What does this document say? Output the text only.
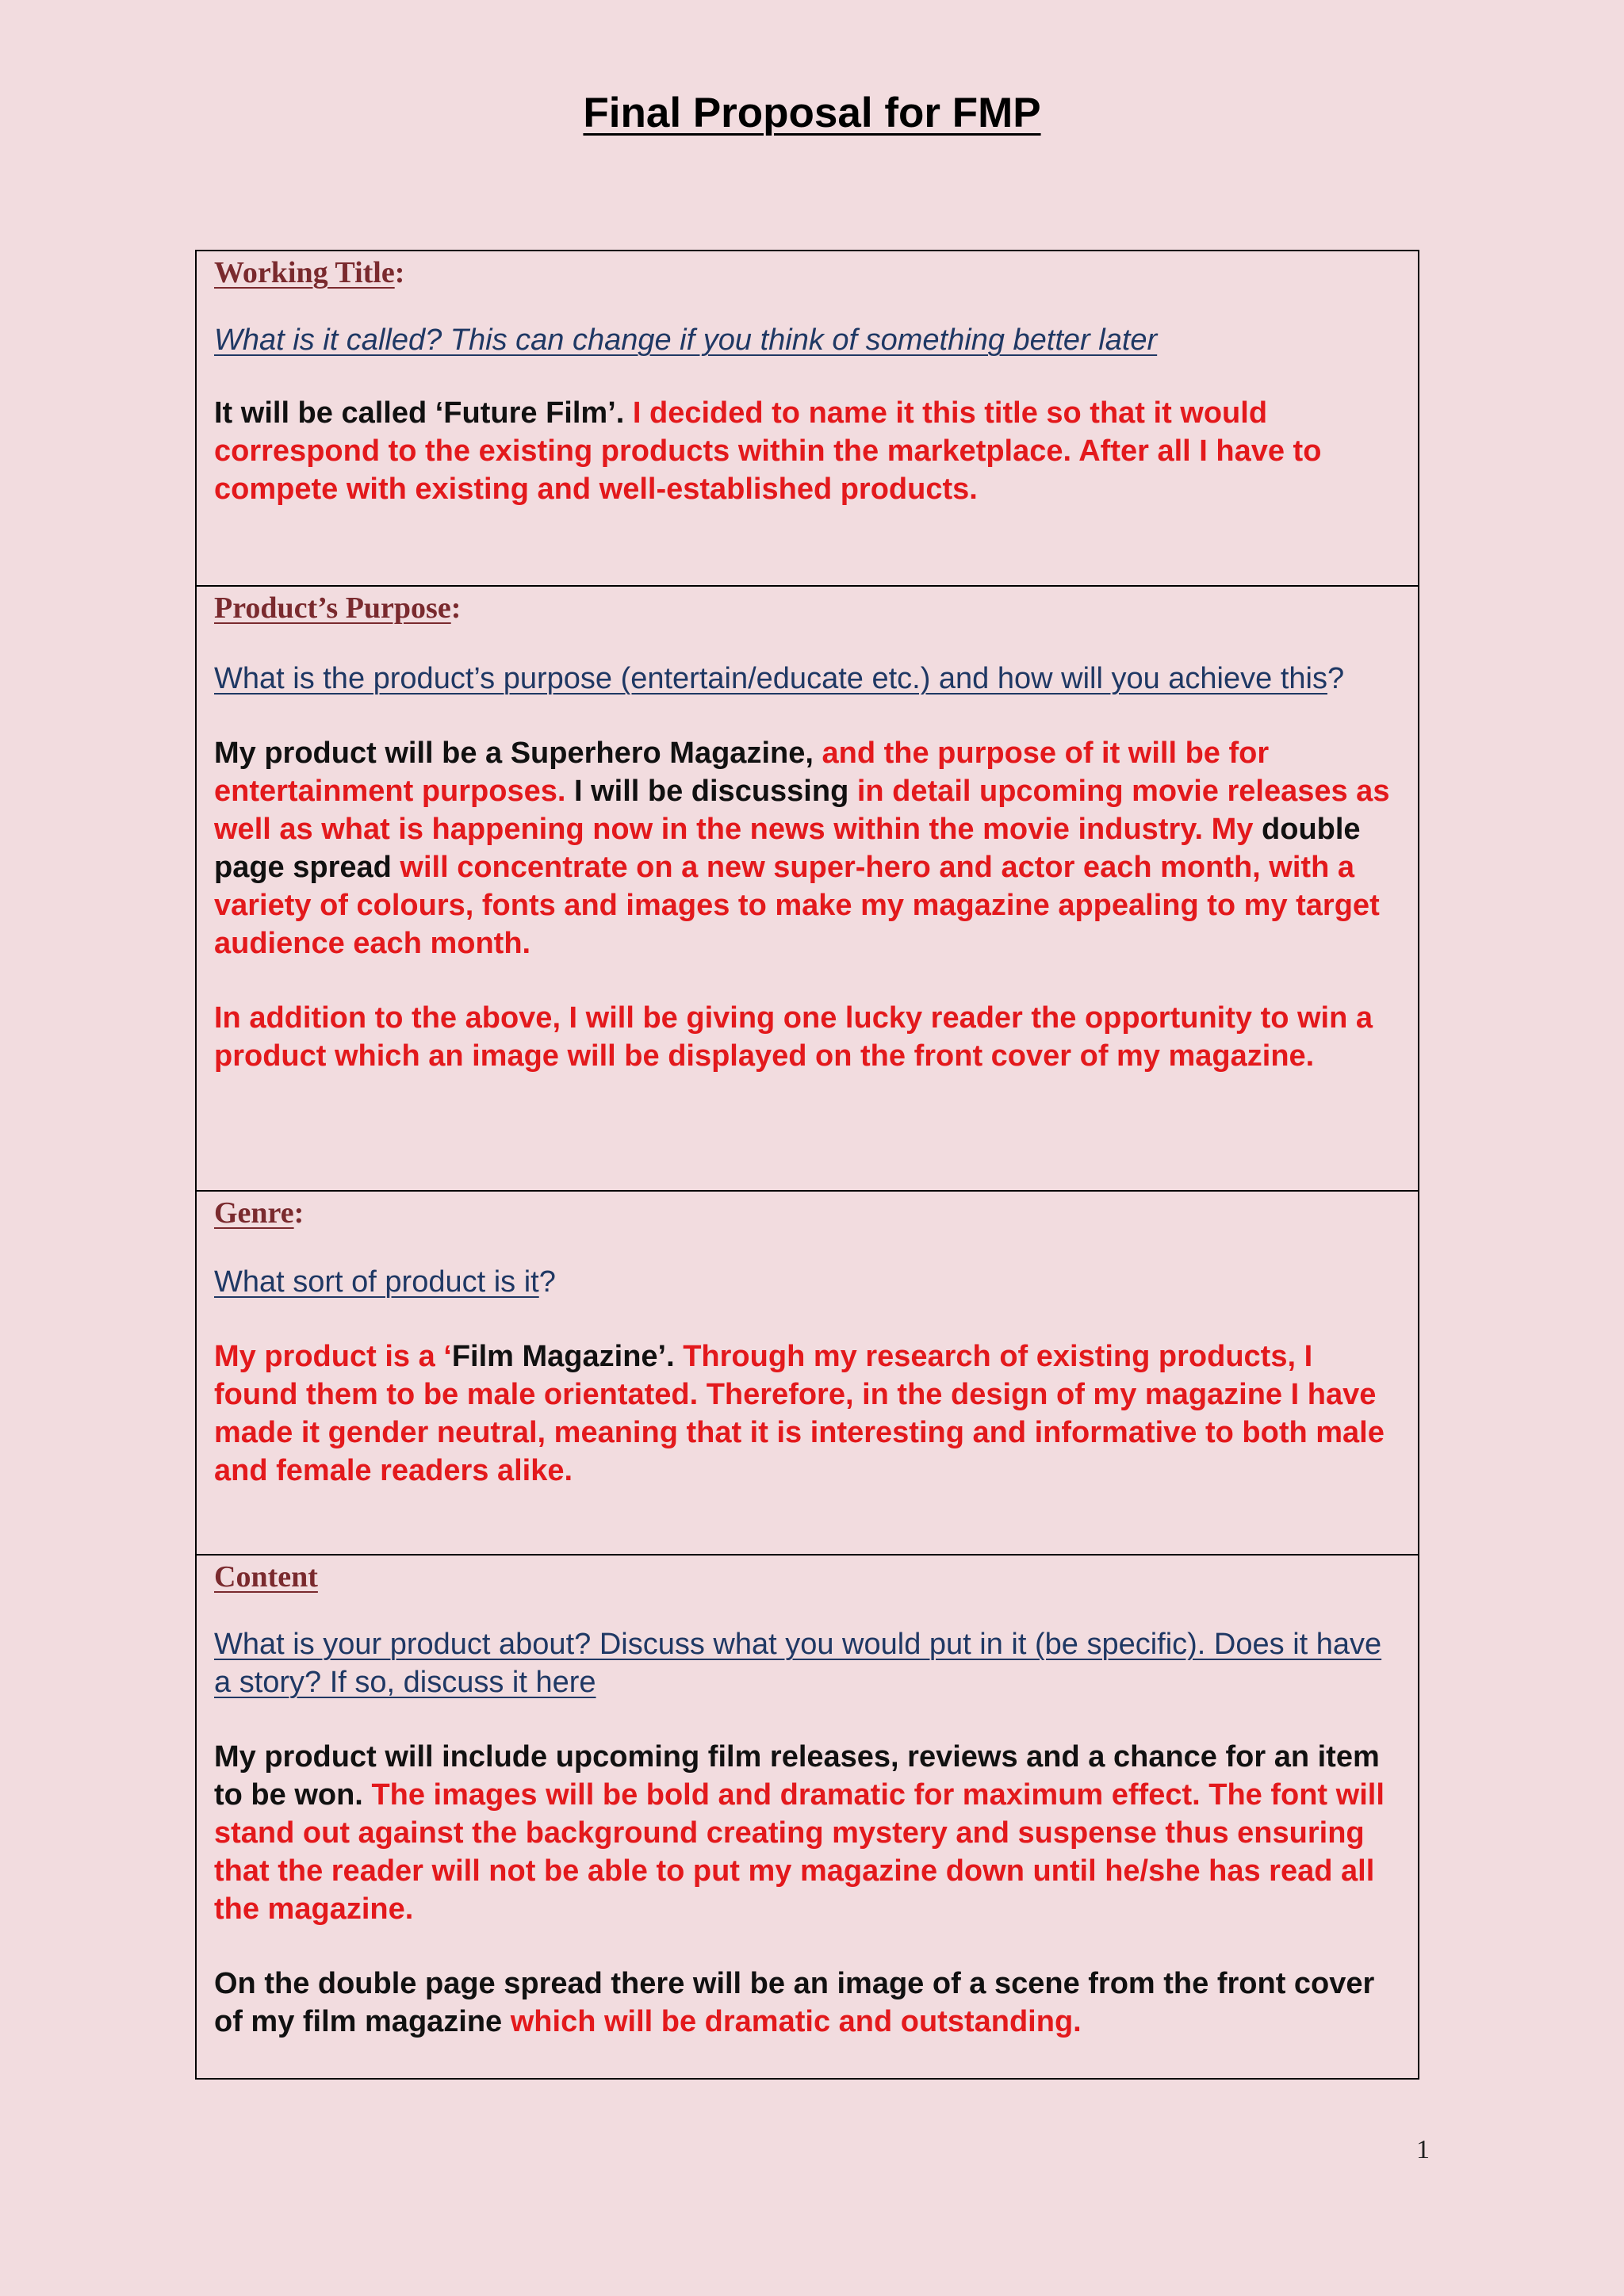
Final Proposal for FMP
Working Title:
What is it called? This can change if you think of something better later
It will be called ‘Future Film’. I decided to name it this title so that it would correspond to the existing products within the marketplace. After all I have to compete with existing and well-established products.
Product’s Purpose:
What is the product’s purpose (entertain/educate etc.) and how will you achieve this?
My product will be a Superhero Magazine, and the purpose of it will be for entertainment purposes. I will be discussing in detail upcoming movie releases as well as what is happening now in the news within the movie industry. My double page spread will concentrate on a new super-hero and actor each month, with a variety of colours, fonts and images to make my magazine appealing to my target audience each month.
In addition to the above, I will be giving one lucky reader the opportunity to win a product which an image will be displayed on the front cover of my magazine.
Genre:
What sort of product is it?
My product is a ‘Film Magazine’. Through my research of existing products, I found them to be male orientated. Therefore, in the design of my magazine I have made it gender neutral, meaning that it is interesting and informative to both male and female readers alike.
Content
What is your product about? Discuss what you would put in it (be specific). Does it have a story? If so, discuss it here
My product will include upcoming film releases, reviews and a chance for an item to be won. The images will be bold and dramatic for maximum effect. The font will stand out against the background creating mystery and suspense thus ensuring that the reader will not be able to put my magazine down until he/she has read all the magazine.
On the double page spread there will be an image of a scene from the front cover of my film magazine which will be dramatic and outstanding.
1
